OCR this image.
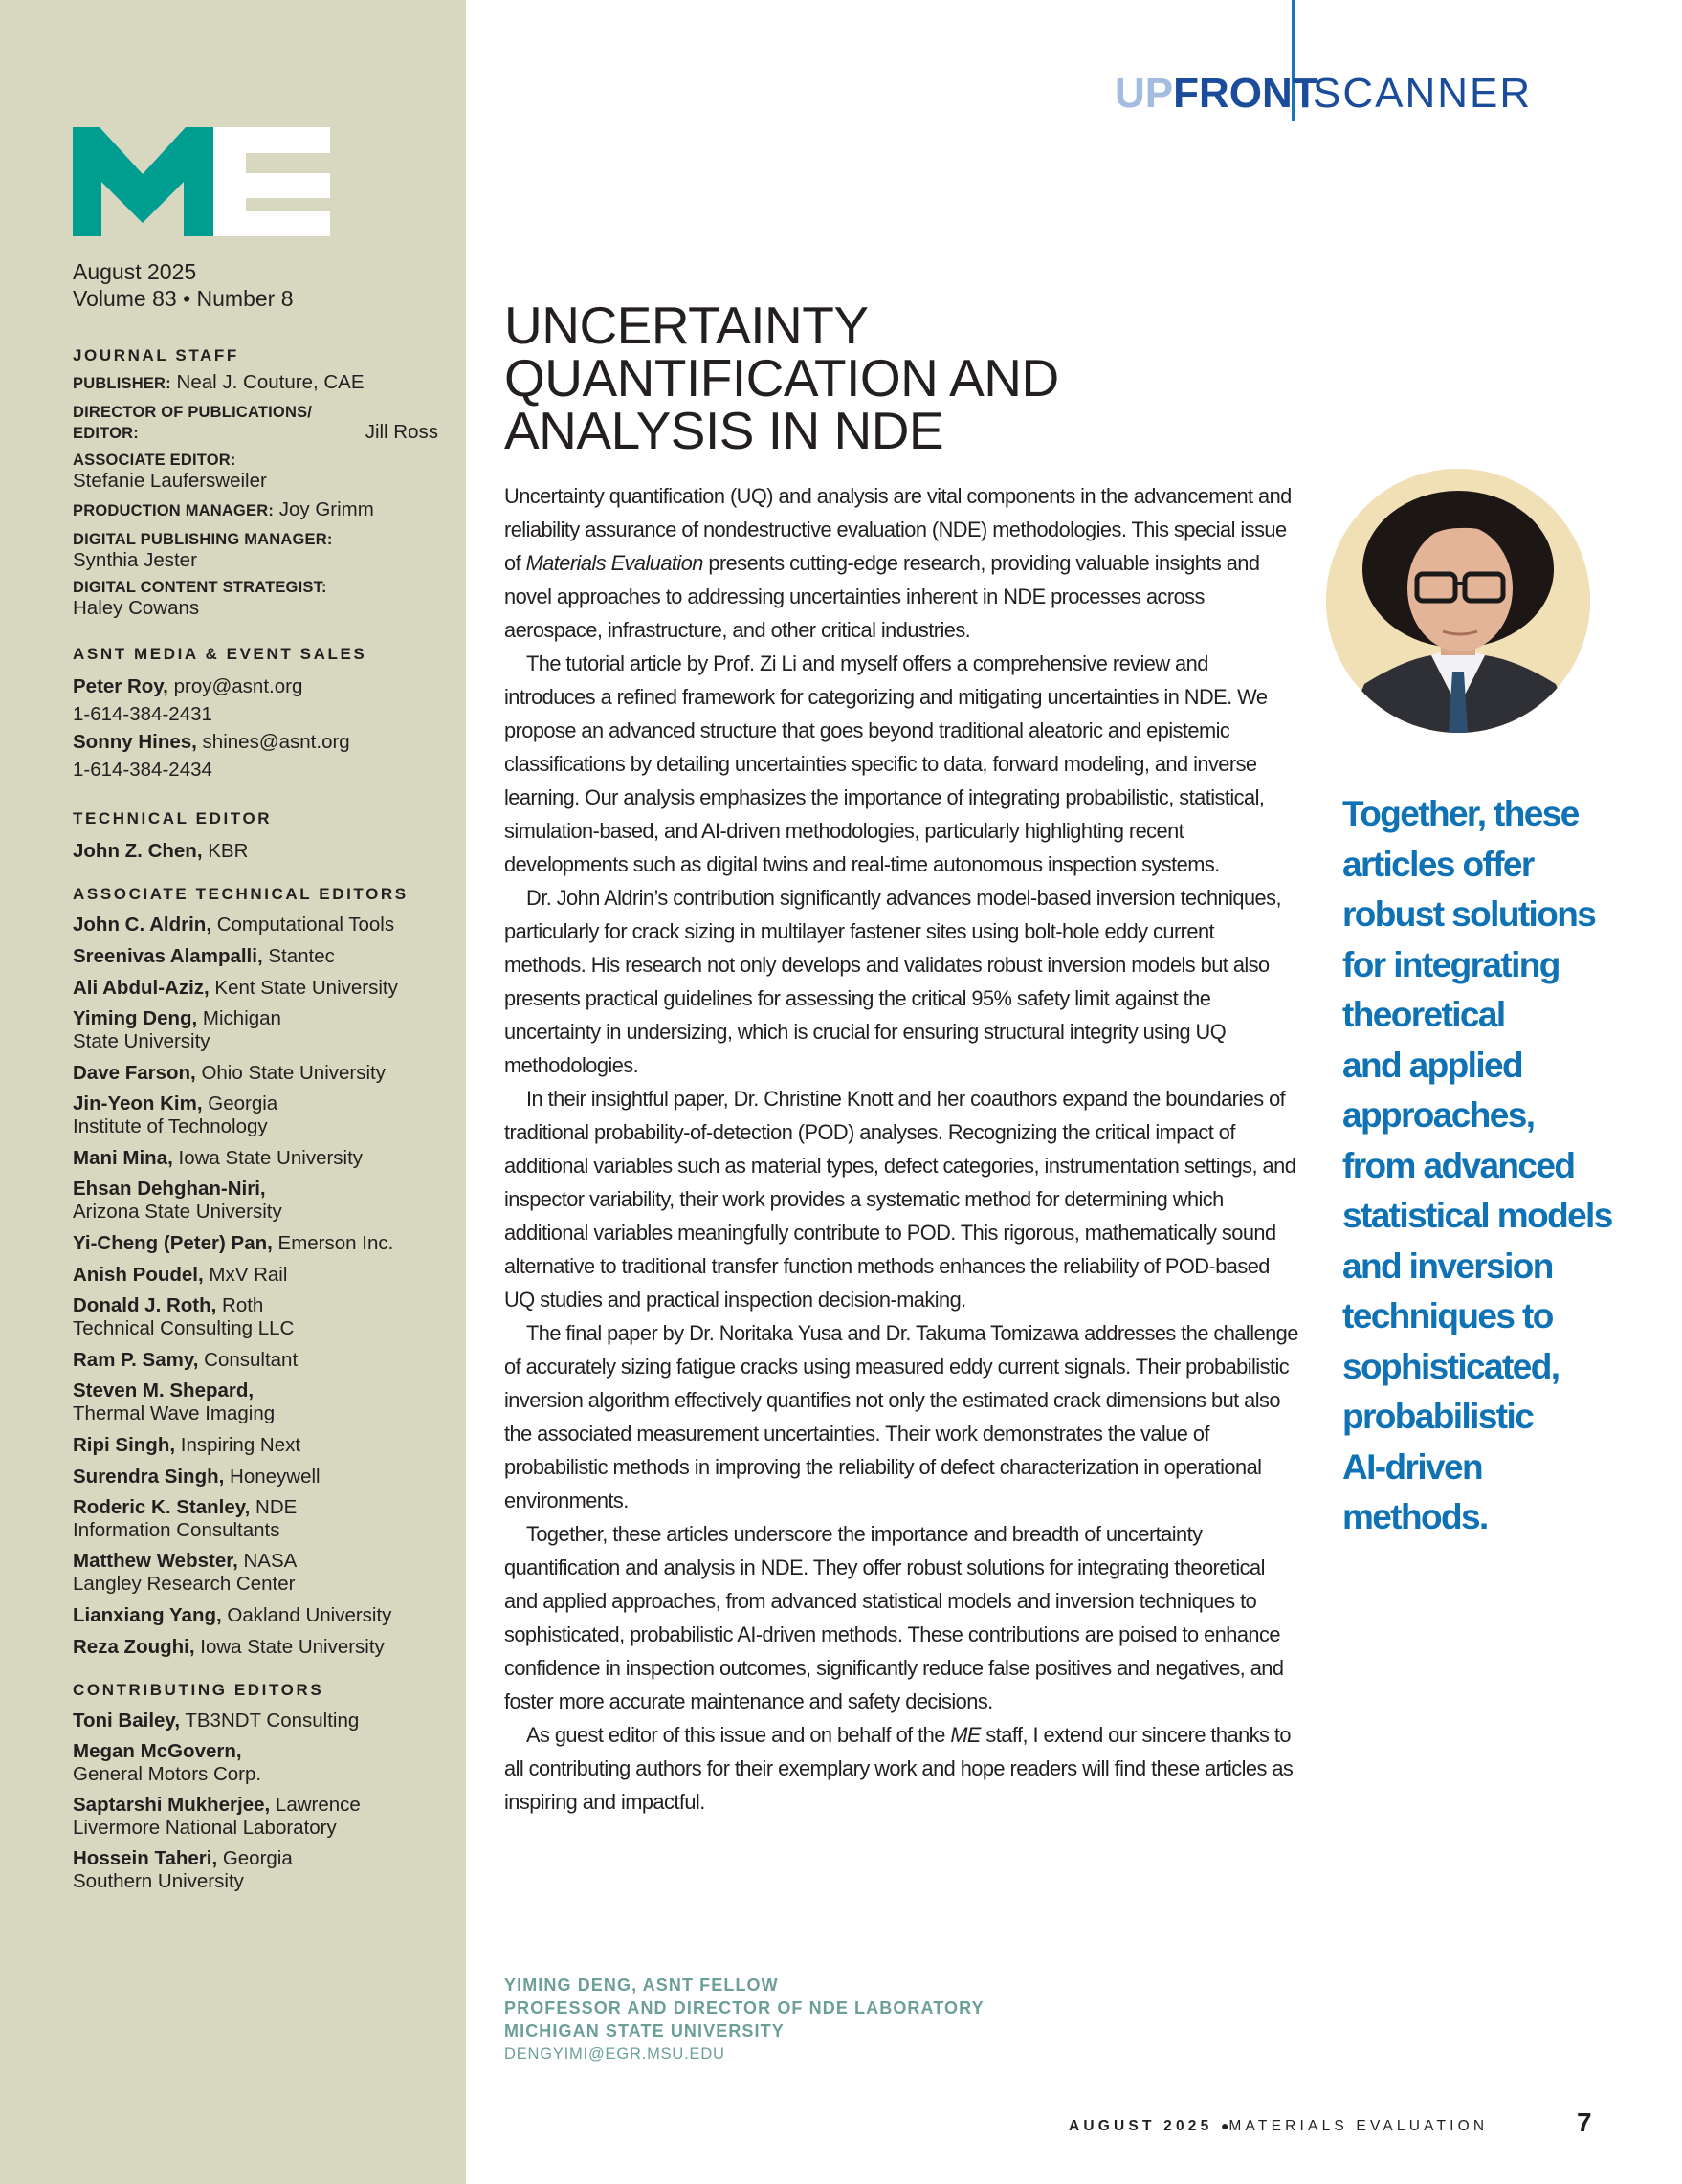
August 2025
Volume 83 • Number 8
JOURNAL STAFF
PUBLISHER: Neal J. Couture, CAE
DIRECTOR OF PUBLICATIONS/ EDITOR:	Jill Ross
ASSOCIATE EDITOR:
Stefanie Laufersweiler
PRODUCTION MANAGER: Joy Grimm
DIGITAL PUBLISHING MANAGER:
Synthia Jester
DIGITAL CONTENT STRATEGIST:
Haley Cowans
ASNT MEDIA & EVENT SALES
Peter Roy, proy@asnt.org
1-614-384-2431
Sonny Hines, shines@asnt.org
1-614-384-2434
TECHNICAL EDITOR
John Z. Chen, KBR
ASSOCIATE TECHNICAL EDITORS
John C. Aldrin, Computational Tools
Sreenivas Alampalli, Stantec
Ali Abdul-Aziz, Kent State University
Yiming Deng, Michigan State University
Dave Farson, Ohio State University
Jin-Yeon Kim, Georgia Institute of Technology
Mani Mina, Iowa State University
Ehsan Dehghan-Niri, Arizona State University
Yi-Cheng (Peter) Pan, Emerson Inc.
Anish Poudel, MxV Rail
Donald J. Roth, Roth Technical Consulting LLC
Ram P. Samy, Consultant
Steven M. Shepard, Thermal Wave Imaging
Ripi Singh, Inspiring Next
Surendra Singh, Honeywell
Roderic K. Stanley, NDE Information Consultants
Matthew Webster, NASA Langley Research Center
Lianxiang Yang, Oakland University
Reza Zoughi, Iowa State University
CONTRIBUTING EDITORS
Toni Bailey, TB3NDT Consulting
Megan McGovern, General Motors Corp.
Saptarshi Mukherjee, Lawrence Livermore National Laboratory
Hossein Taheri, Georgia Southern University
UPFRONT
SCANNER
UNCERTAINTY QUANTIFICATION AND ANALYSIS IN NDE

Uncertainty quantification (UQ) and analysis are vital components in the advancement and reliability assurance of nondestructive evaluation (NDE) methodologies. This special issue of Materials Evaluation presents cutting-edge research, providing valuable insights and novel approaches to addressing uncertainties inherent in NDE processes across aerospace, infrastructure, and other critical industries.

The tutorial article by Prof. Zi Li and myself offers a comprehensive review and introduces a refined framework for categorizing and mitigating uncertainties in NDE. We propose an advanced structure that goes beyond traditional aleatoric and epistemic classifications by detailing uncertainties specific to data, forward modeling, and inverse learning. Our analysis emphasizes the importance of integrating probabilistic, statistical, simulation-based, and AI-driven methodologies, particularly highlighting recent developments such as digital twins and real-time autonomous inspection systems.

Dr. John Aldrin’s contribution significantly advances model-based inversion techniques, particularly for crack sizing in multilayer fastener sites using bolt-hole eddy current methods. His research not only develops and validates robust inversion models but also presents practical guidelines for assessing the critical 95% safety limit against the uncertainty in undersizing, which is crucial for ensuring structural integrity using UQ methodologies.

In their insightful paper, Dr. Christine Knott and her coauthors expand the boundaries of traditional probability-of-detection (POD) analyses. Recognizing the critical impact of additional variables such as material types, defect categories, instrumentation settings, and inspector variability, their work provides a systematic method for determining which additional variables meaningfully contribute to POD. This rigorous, mathematically sound alternative to traditional transfer function methods enhances the reliability of POD-based UQ studies and practical inspection decision-making.

The final paper by Dr. Noritaka Yusa and Dr. Takuma Tomizawa addresses the challenge of accurately sizing fatigue cracks using measured eddy current signals. Their probabilistic inversion algorithm effectively quantifies not only the estimated crack dimensions but also the associated measurement uncertainties. Their work demonstrates the value of probabilistic methods in improving the reliability of defect characterization in operational environments.

Together, these articles underscore the importance and breadth of uncertainty quantification and analysis in NDE. They offer robust solutions for integrating theoretical and applied approaches, from advanced statistical models and inversion techniques to sophisticated, probabilistic AI-driven methods. These contributions are poised to enhance confidence in inspection outcomes, significantly reduce false positives and negatives, and foster more accurate maintenance and safety decisions.

As guest editor of this issue and on behalf of the ME staff, I extend our sincere thanks to all contributing authors for their exemplary work and hope readers will find these articles as inspiring and impactful.

YIMING DENG, ASNT FELLOW
PROFESSOR AND DIRECTOR OF NDE LABORATORY
MICHIGAN STATE UNIVERSITY
DENGYIMI@EGR.MSU.EDU
Together, these
articles offer
robust solutions
for integrating
theoretical
and applied
approaches,
from advanced
statistical models
and inversion
techniques to
sophisticated,
probabilistic
AI-driven
methods.
AUGUST 2025 ●MATERIALS EVALUATION	7
